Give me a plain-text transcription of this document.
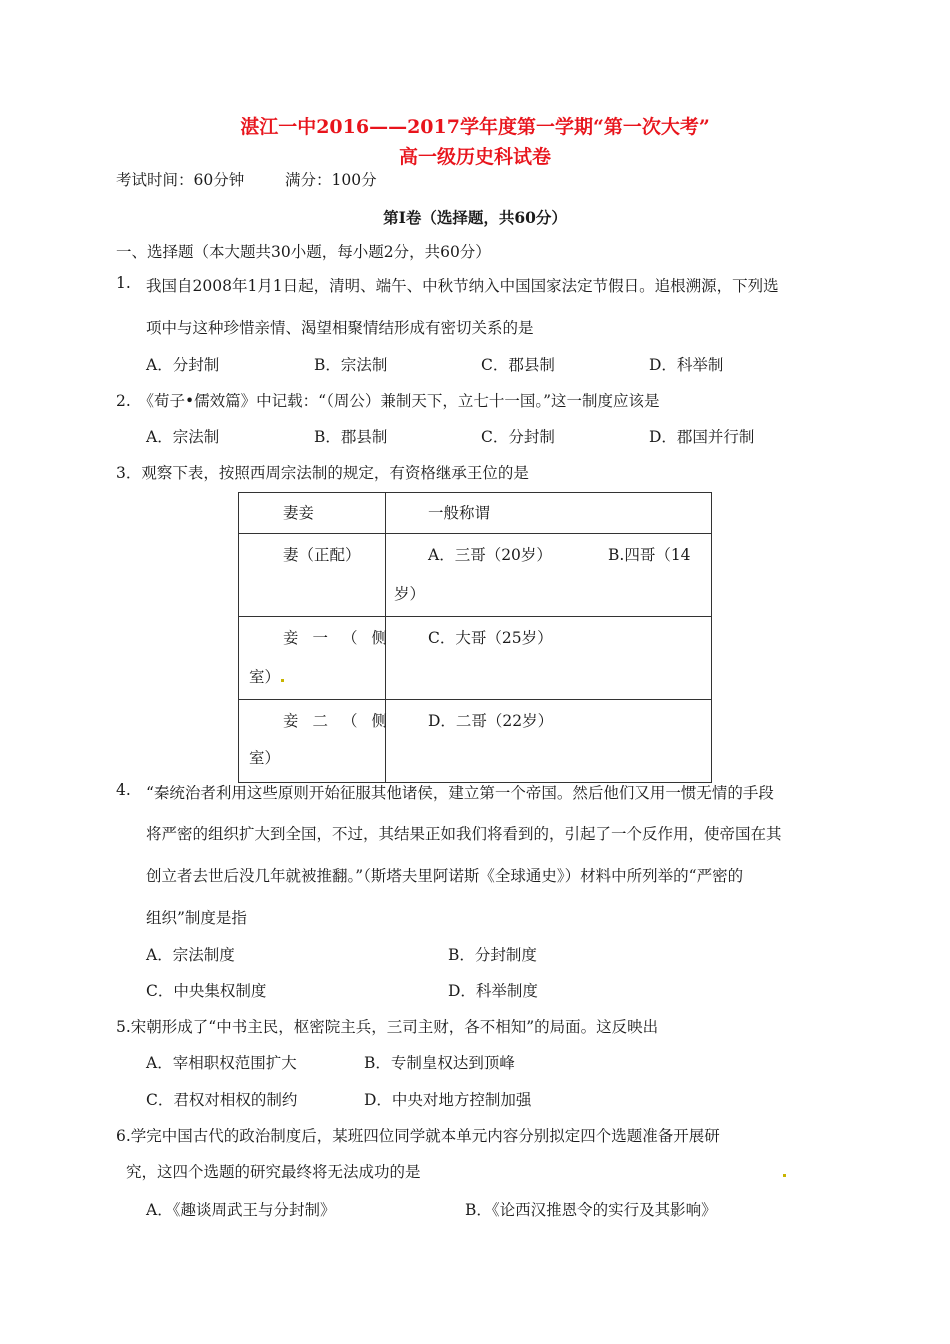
湛江一中2016——2017学年度第一学期“第一次大考”
高一级历史科试卷
考试时间：60分钟	满分：100分
第Ⅰ卷（选择题，共60分）
一、选择题（本大题共30小题，每小题2分，共60分）
1. 我国自2008年1月1日起，清明、端午、中秋节纳入中国国家法定节假日。追根溯源，下列选
项中与这种珍惜亲情、渴望相聚情结形成有密切关系的是
A．分封制	B．宗法制	C．郡县制	D．科举制
2.　《荀子•儒效篇》中记载：“（周公）兼制天下，立七十一国。”这一制度应该是
A．宗法制	B．郡县制	C．分封制	D．郡国并行制
3．观察下表，按照西周宗法制的规定，有资格继承王位的是
妻妾	一般称谓

妻（正配）	A．三哥（20岁） B.四哥（14
岁）

妾一（侧
室）	C．大哥（25岁）

妾二（侧
室）	D．二哥（22岁）
4. “秦统治者利用这些原则开始征服其他诸侯，建立第一个帝国。然后他们又用一惯无情的手段
将严密的组织扩大到全国，不过，其结果正如我们将看到的，引起了一个反作用，使帝国在其
创立者去世后没几年就被推翻。”（斯塔夫里阿诺斯《全球通史》）材料中所列举的“严密的
组织”制度是指
A．宗法制度	B．分封制度
C．中央集权制度	D．科举制度
5.宋朝形成了“中书主民，枢密院主兵，三司主财，各不相知”的局面。这反映出
A．宰相职权范围扩大	B．专制皇权达到顶峰
C．君权对相权的制约	D．中央对地方控制加强
6.学完中国古代的政治制度后，某班四位同学就本单元内容分别拟定四个选题准备开展研
究，这四个选题的研究最终将无法成功的是
A．《趣谈周武王与分封制》	B．《论西汉推恩令的实行及其影响》
